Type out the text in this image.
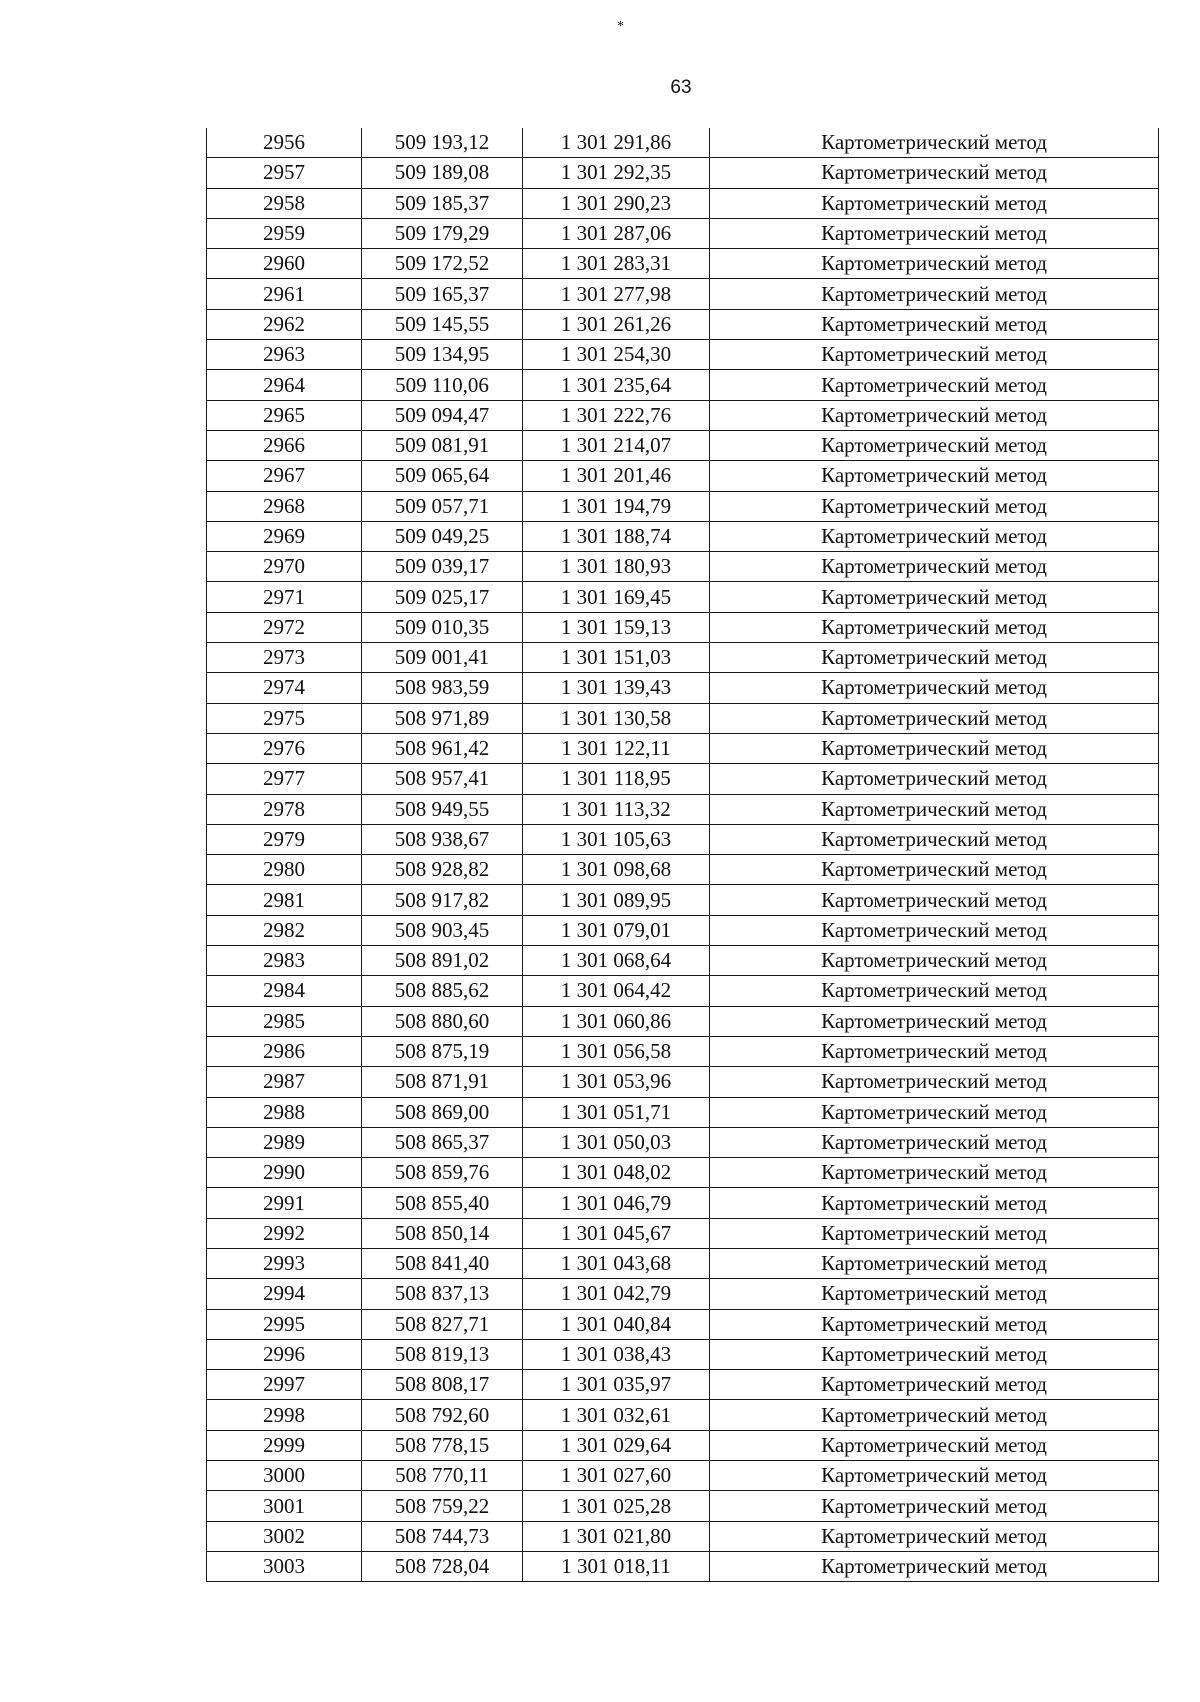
*
63
2956	509 193,12	1 301 291,86	Картометрический метод
2957	509 189,08	1 301 292,35	Картометрический метод
2958	509 185,37	1 301 290,23	Картометрический метод
2959	509 179,29	1 301 287,06	Картометрический метод
2960	509 172,52	1 301 283,31	Картометрический метод
2961	509 165,37	1 301 277,98	Картометрический метод
2962	509 145,55	1 301 261,26	Картометрический метод
2963	509 134,95	1 301 254,30	Картометрический метод
2964	509 110,06	1 301 235,64	Картометрический метод
2965	509 094,47	1 301 222,76	Картометрический метод
2966	509 081,91	1 301 214,07	Картометрический метод
2967	509 065,64	1 301 201,46	Картометрический метод
2968	509 057,71	1 301 194,79	Картометрический метод
2969	509 049,25	1 301 188,74	Картометрический метод
2970	509 039,17	1 301 180,93	Картометрический метод
2971	509 025,17	1 301 169,45	Картометрический метод
2972	509 010,35	1 301 159,13	Картометрический метод
2973	509 001,41	1 301 151,03	Картометрический метод
2974	508 983,59	1 301 139,43	Картометрический метод
2975	508 971,89	1 301 130,58	Картометрический метод
2976	508 961,42	1 301 122,11	Картометрический метод
2977	508 957,41	1 301 118,95	Картометрический метод
2978	508 949,55	1 301 113,32	Картометрический метод
2979	508 938,67	1 301 105,63	Картометрический метод
2980	508 928,82	1 301 098,68	Картометрический метод
2981	508 917,82	1 301 089,95	Картометрический метод
2982	508 903,45	1 301 079,01	Картометрический метод
2983	508 891,02	1 301 068,64	Картометрический метод
2984	508 885,62	1 301 064,42	Картометрический метод
2985	508 880,60	1 301 060,86	Картометрический метод
2986	508 875,19	1 301 056,58	Картометрический метод
2987	508 871,91	1 301 053,96	Картометрический метод
2988	508 869,00	1 301 051,71	Картометрический метод
2989	508 865,37	1 301 050,03	Картометрический метод
2990	508 859,76	1 301 048,02	Картометрический метод
2991	508 855,40	1 301 046,79	Картометрический метод
2992	508 850,14	1 301 045,67	Картометрический метод
2993	508 841,40	1 301 043,68	Картометрический метод
2994	508 837,13	1 301 042,79	Картометрический метод
2995	508 827,71	1 301 040,84	Картометрический метод
2996	508 819,13	1 301 038,43	Картометрический метод
2997	508 808,17	1 301 035,97	Картометрический метод
2998	508 792,60	1 301 032,61	Картометрический метод
2999	508 778,15	1 301 029,64	Картометрический метод
3000	508 770,11	1 301 027,60	Картометрический метод
3001	508 759,22	1 301 025,28	Картометрический метод
3002	508 744,73	1 301 021,80	Картометрический метод
3003	508 728,04	1 301 018,11	Картометрический метод
